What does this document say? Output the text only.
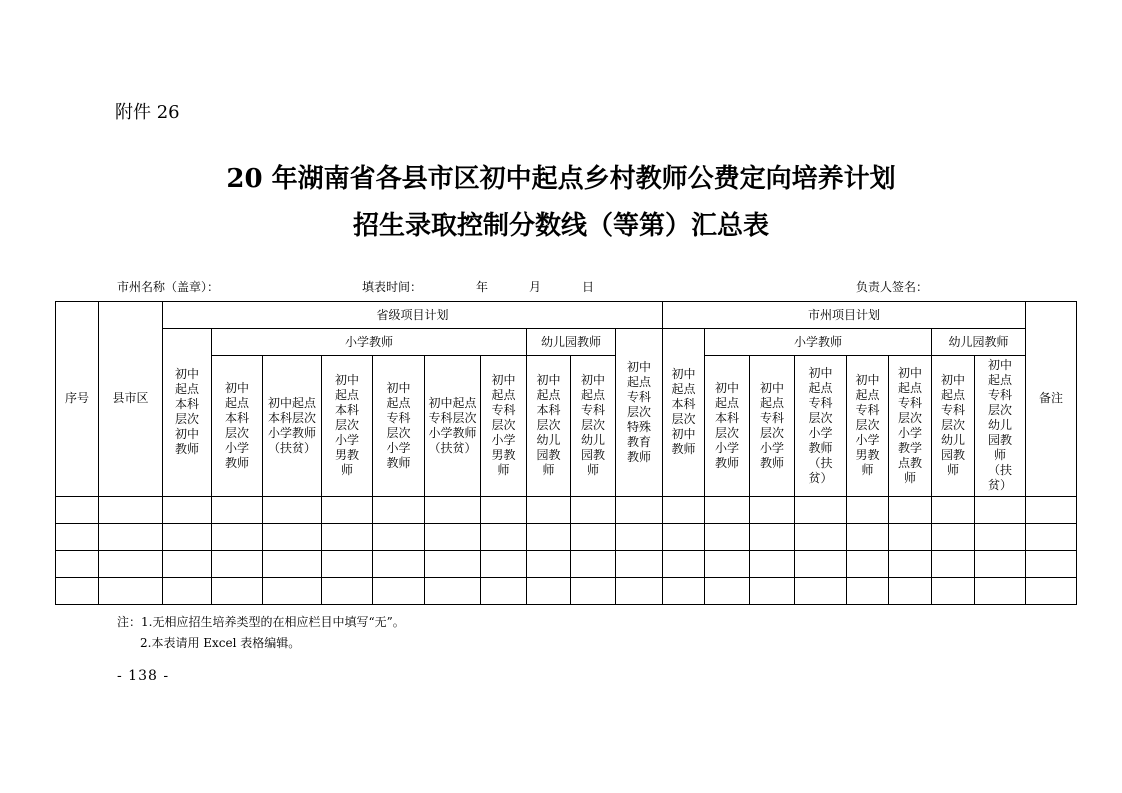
附件 26
20 年湖南省各县市区初中起点乡村教师公费定向培养计划
招生录取控制分数线（等第）汇总表
市州名称（盖章）：	填表时间：	年	月	日	负责人签名：
序号	县市区	省级项目计划										市州项目计划								备注
		初中起点本科层次初中教师	小学教师						幼儿园教师		初中起点专科层次特殊教育教师	初中起点本科层次初中教师	小学教师					幼儿园教师		
			初中起点本科层次小学教师	初中起点本科层次小学教师（扶贫）	初中起点本科层次小学男教师	初中起点专科层次小学教师	初中起点专科层次小学教师（扶贫）	初中起点专科层次小学男教师	初中起点本科层次幼儿园教师	初中起点专科层次幼儿园教师			初中起点本科层次小学教师	初中起点专科层次小学教师	初中起点专科层次小学教师（扶贫）	初中起点专科层次小学男教师	初中起点专科层次小学教学点教师	初中起点专科层次幼儿园教师	初中起点专科层次幼儿园教师（扶贫）	

注：1.无相应招生培养类型的在相应栏目中填写“无”。
2.本表请用 Excel 表格编辑。
- 138 -
